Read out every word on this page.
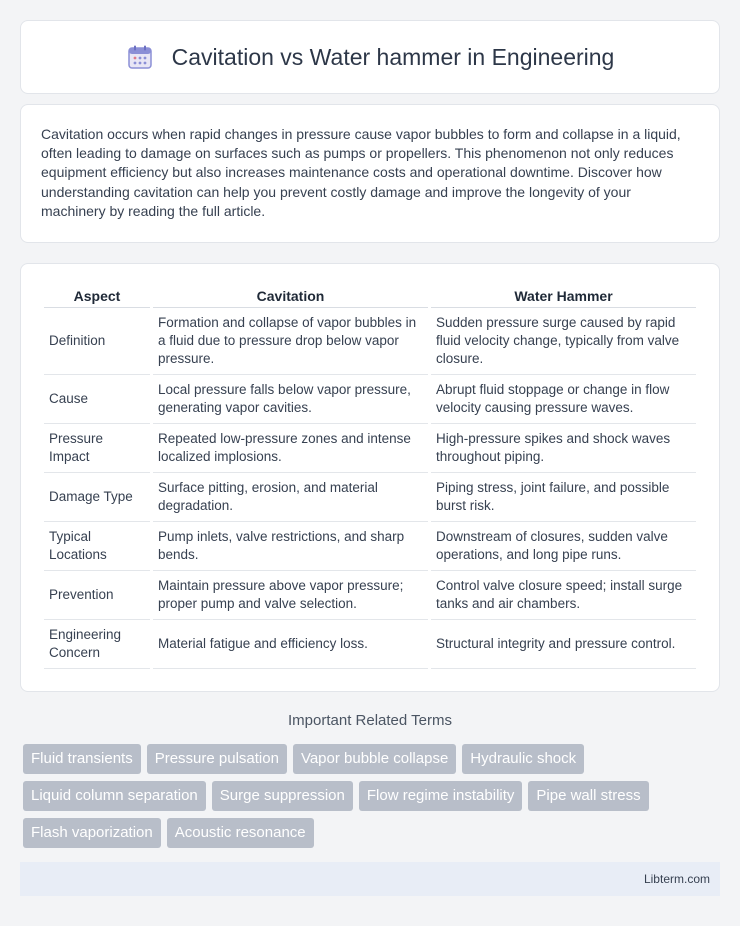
Cavitation vs Water hammer in Engineering

Cavitation occurs when rapid changes in pressure cause vapor bubbles to form and collapse in a liquid, often leading to damage on surfaces such as pumps or propellers. This phenomenon not only reduces equipment efficiency but also increases maintenance costs and operational downtime. Discover how understanding cavitation can help you prevent costly damage and improve the longevity of your machinery by reading the full article.

Aspect	Cavitation	Water Hammer
Definition	Formation and collapse of vapor bubbles in a fluid due to pressure drop below vapor pressure.	Sudden pressure surge caused by rapid fluid velocity change, typically from valve closure.
Cause	Local pressure falls below vapor pressure, generating vapor cavities.	Abrupt fluid stoppage or change in flow velocity causing pressure waves.
Pressure Impact	Repeated low-pressure zones and intense localized implosions.	High-pressure spikes and shock waves throughout piping.
Damage Type	Surface pitting, erosion, and material degradation.	Piping stress, joint failure, and possible burst risk.
Typical Locations	Pump inlets, valve restrictions, and sharp bends.	Downstream of closures, sudden valve operations, and long pipe runs.
Prevention	Maintain pressure above vapor pressure; proper pump and valve selection.	Control valve closure speed; install surge tanks and air chambers.
Engineering Concern	Material fatigue and efficiency loss.	Structural integrity and pressure control.
Important Related Terms
Fluid transients	Pressure pulsation	Vapor bubble collapse	Hydraulic shock
Liquid column separation	Surge suppression	Flow regime instability	Pipe wall stress
Flash vaporization	Acoustic resonance
Libterm.com
